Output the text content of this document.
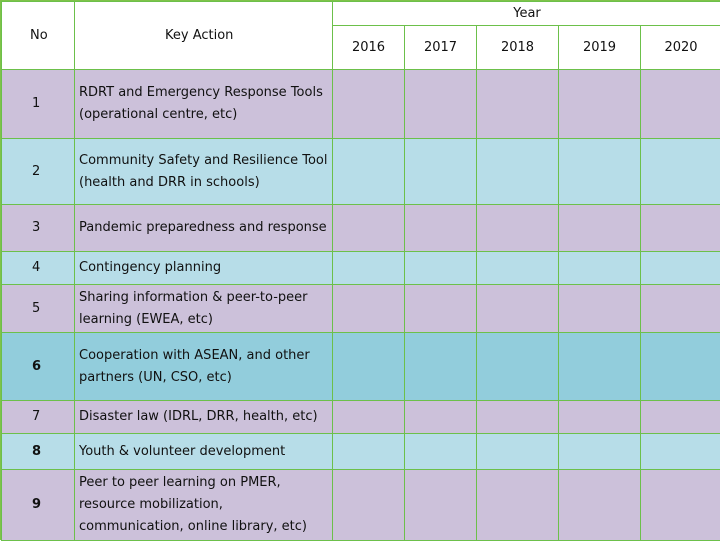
No	Key Action	Year				
		2016	2017	2018	2019	2020
1	RDRT and Emergency Response Tools
(operational centre, etc)					

2	Community Safety and Resilience Tool
(health and DRR in schools)					

3	Pandemic preparedness and response					

4	Contingency planning					

5	Sharing information & peer-to-peer
learning (EWEA, etc)					

6	Cooperation with ASEAN, and other
partners (UN, CSO, etc)					

7	Disaster law (IDRL, DRR, health, etc)					

8	Youth & volunteer development					

9	Peer to peer learning on PMER,
resource mobilization,
communication, online library, etc)					
